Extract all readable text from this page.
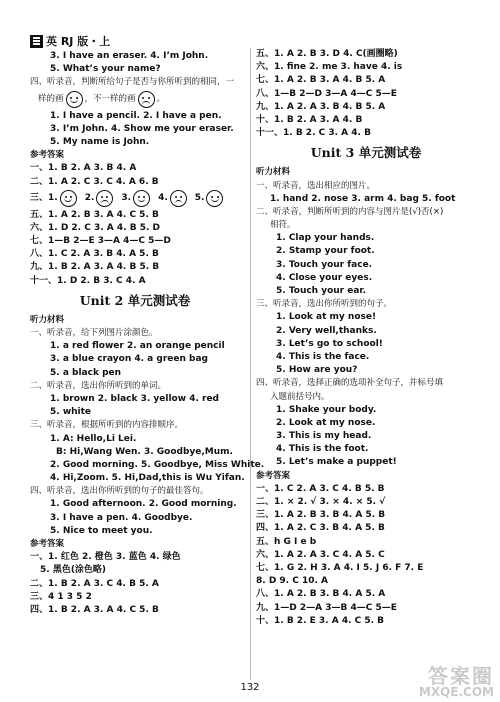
英 RJ 版・上
3. I have an eraser. 4. I’m John.
5. What’s your name?
四、听录音，判断所给句子是否与你所听到的相同，一
样的画 ，不一样的画 。
1. I have a pencil. 2. I have a pen.
3. I’m John. 4. Show me your eraser.
5. My name is John.
参考答案
一、1. B 2. A 3. B 4. A
二、1. A 2. C 3. C 4. A 6. B
三、1.	2.	3.	4.	5.
五、1. A 2. B 3. A 4. C 5. B
六、1. D 2. C 3. A 4. B 5. D
七、1—B 2—E 3—A 4—C 5—D
八、1. C 2. A 3. B 4. A 5. B
九、1. B 2. A 3. A 4. B 5. B
十一、1. D 2. B 3. C 4. A
Unit 2 单元测试卷
听力材料
一、听录音，给下列图片涂颜色。
1. a red flower 2. an orange pencil
3. a blue crayon 4. a green bag
5. a black pen
二、听录音，选出你所听到的单词。
1. brown 2. black 3. yellow 4. red
5. white
三、听录音，根据所听到的内容排顺序。
1. A: Hello,Li Lei.
B: Hi,Wang Wen. 3. Goodbye,Mum.
2. Good morning. 5. Goodbye, Miss White.
4. Hi,Zoom. 5. Hi,Dad,this is Wu Yifan.
四、听录音，选出你所听到的句子的最佳答句。
1. Good afternoon. 2. Good morning.
3. I have a pen. 4. Goodbye.
5. Nice to meet you.
参考答案
一、1. 红色 2. 橙色 3. 蓝色 4. 绿色
5. 黑色(涂色略)
二、1. B 2. A 3. C 4. B 5. A
三、4 1 3 5 2
四、1. B 2. A 3. A 4. C 5. B
五、1. A 2. B 3. D 4. C(画圈略)
六、1. fine 2. me 3. have 4. is
七、1. A 2. B 3. A 4. B 5. A
八、1—B 2—D 3—A 4—C 5—E
九、1. A 2. A 3. B 4. B 5. A
十、1. B 2. A 3. A 4. B
十一、1. B 2. C 3. A 4. B
Unit 3 单元测试卷
听力材料
一、听录音，选出相应的图片。
1. hand 2. nose 3. arm 4. bag 5. foot
二、听录音，判断所听到的内容与图片是(√)否(×)
相符。
1. Clap your hands.
2. Stamp your foot.
3. Touch your face.
4. Close your eyes.
5. Touch your ear.
三、听录音，选出你所听到的句子。
1. Look at my nose!
2. Very well,thanks.
3. Let’s go to school!
4. This is the face.
5. How are you?
四、听录音，选择正确的选项补全句子，并标号填
入题前括号内。
1. Shake your body.
2. Look at my nose.
3. This is my head.
4. This is the foot.
5. Let’s make a puppet!
参考答案
一、1. C 2. A 3. C 4. B 5. B
二、1. × 2. √ 3. × 4. × 5. √
三、1. A 2. B 3. B 4. A 5. B
四、1. A 2. C 3. B 4. A 5. B
五、h G I e b
六、1. A 2. A 3. C 4. A 5. C
七、1. G 2. H 3. A 4. I 5. J 6. F 7. E
8. D 9. C 10. A
八、1. A 2. B 3. B 4. A 5. A
九、1—D 2—A 3—B 4—C 5—E
十、1. B 2. E 3. A 4. C 5. B
132	答案圈
MXQE.COM
